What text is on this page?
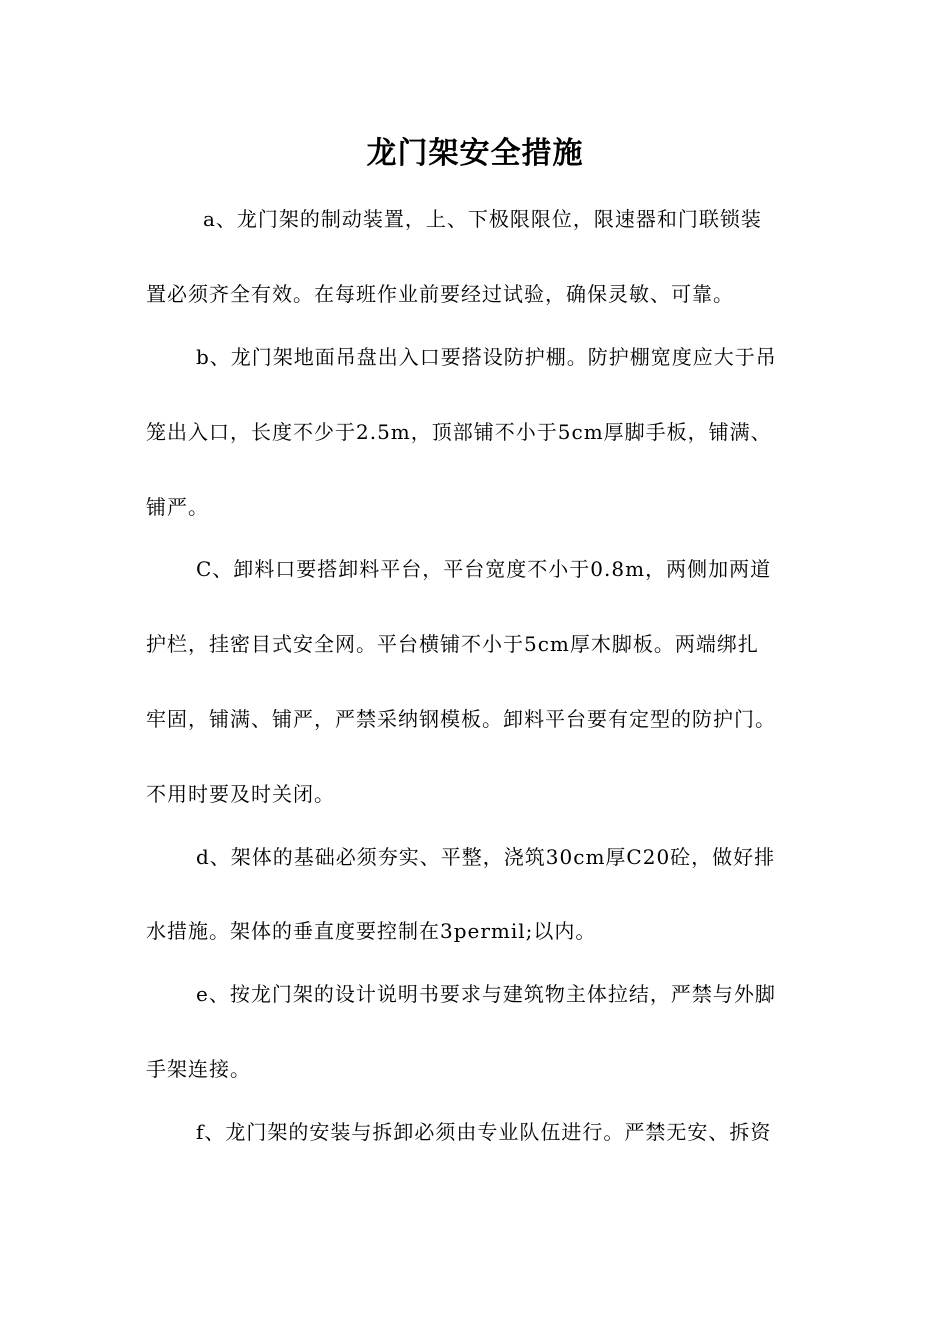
龙门架安全措施
a、龙门架的制动装置，上、下极限限位，限速器和门联锁装
置必须齐全有效。在每班作业前要经过试验，确保灵敏、可靠。
b、龙门架地面吊盘出入口要搭设防护棚。防护棚宽度应大于吊
笼出入口，长度不少于2.5m，顶部铺不小于5cm厚脚手板，铺满、
铺严。
C、卸料口要搭卸料平台，平台宽度不小于0.8m，两侧加两道
护栏，挂密目式安全网。平台横铺不小于5cm厚木脚板。两端绑扎
牢固，铺满、铺严，严禁采纳钢模板。卸料平台要有定型的防护门。
不用时要及时关闭。
d、架体的基础必须夯实、平整，浇筑30cm厚C20砼，做好排
水措施。架体的垂直度要控制在3permil;以内。
e、按龙门架的设计说明书要求与建筑物主体拉结，严禁与外脚
手架连接。
f、龙门架的安装与拆卸必须由专业队伍进行。严禁无安、拆资
